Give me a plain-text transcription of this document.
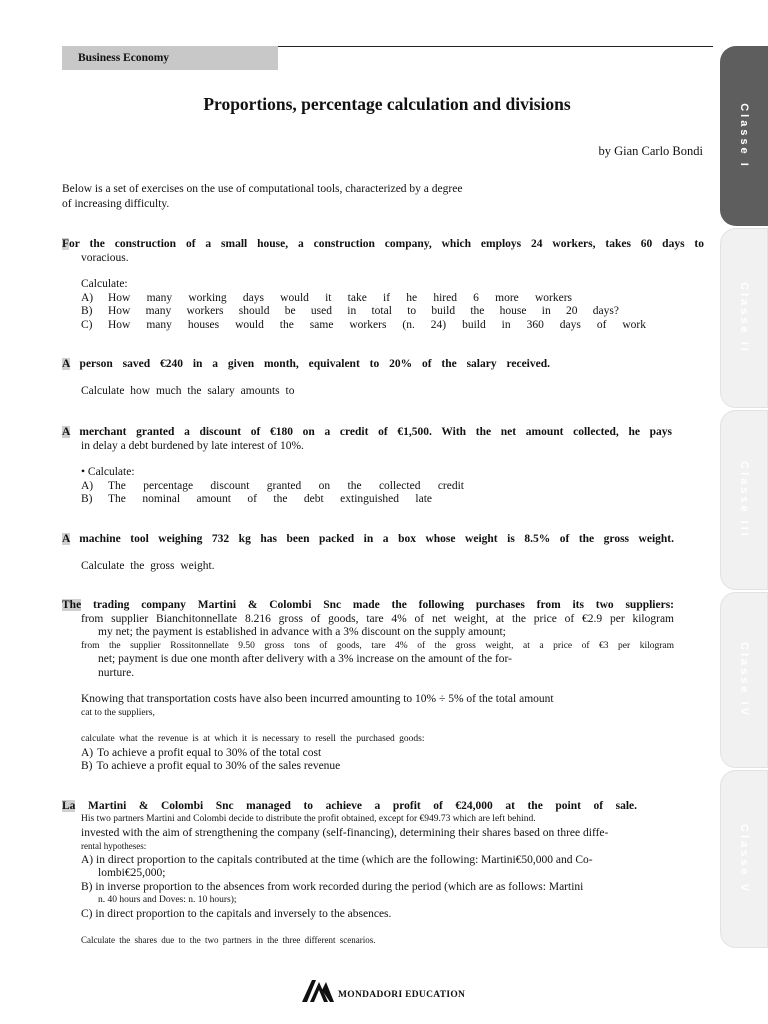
Business Economy
Proportions, percentage calculation and divisions
by Gian Carlo Bondi
Below is a set of exercises on the use of computational tools, characterized by a degree
of increasing difficulty.
For the construction of a small house, a construction company, which employs 24 workers, takes 60 days to
voracious.
Calculate:
A)	How many working days would it take if he hired 6 more workers
B)	How many workers should be used in total to build the house in 20 days?
C)	How many houses would the same workers (n. 24) build in 360 days of work
A person saved €240 in a given month, equivalent to 20% of the salary received.
Calculate how much the salary amounts to
A merchant granted a discount of €180 on a credit of €1,500. With the net amount collected, he pays
in delay a debt burdened by late interest of 10%.
• Calculate:
A)	The percentage discount granted on the collected credit
B)	The nominal amount of the debt extinguished late
A machine tool weighing 732 kg has been packed in a box whose weight is 8.5% of the gross weight.
Calculate the gross weight.
The trading company Martini & Colombi Snc made the following purchases from its two suppliers:
from supplier Bianchitonnellate 8.216 gross of goods, tare 4% of net weight, at the price of €2.9 per kilogram
my net; the payment is established in advance with a 3% discount on the supply amount;
from the supplier Rossitonnellate 9.50 gross tons of goods, tare 4% of the gross weight, at a price of €3 per kilogram
net; payment is due one month after delivery with a 3% increase on the amount of the for-
nurture.
Knowing that transportation costs have also been incurred amounting to 10% ÷ 5% of the total amount
cat to the suppliers,
calculate what the revenue is at which it is necessary to resell the purchased goods:
A) To achieve a profit equal to 30% of the total cost
B) To achieve a profit equal to 30% of the sales revenue
La Martini & Colombi Snc managed to achieve a profit of €24,000 at the point of sale.
His two partners Martini and Colombi decide to distribute the profit obtained, except for €949.73 which are left behind.
invested with the aim of strengthening the company (self-financing), determining their shares based on three diffe-
rental hypotheses:
A) in direct proportion to the capitals contributed at the time (which are the following: Martini€50,000 and Co-
lombi€25,000;
B) in inverse proportion to the absences from work recorded during the period (which are as follows: Martini
n. 40 hours and Doves: n. 10 hours);
C) in direct proportion to the capitals and inversely to the absences.
Calculate the shares due to the two partners in the three different scenarios.
Classe I
Classe II
Classe III
Classe IV
Classe V
MONDADORI EDUCATION
